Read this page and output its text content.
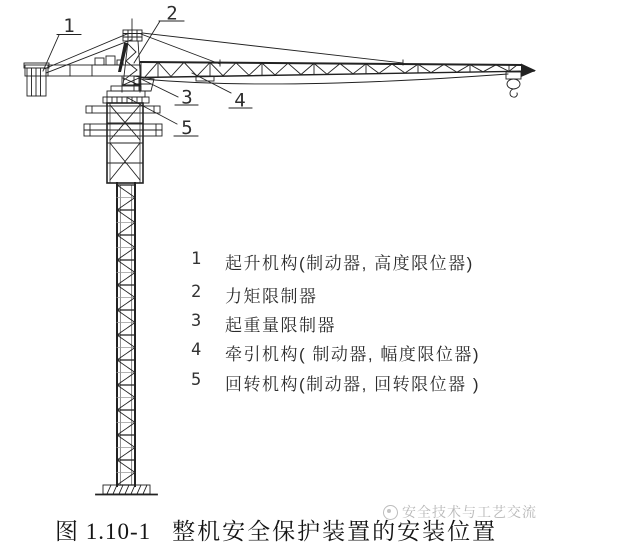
1
2
3 4
5
1	起升机构(制动器, 高度限位器)
2	力矩限制器
3	起重量限制器
4	牵引机构( 制动器, 幅度限位器)
5	回转机构(制动器, 回转限位器 )
安全技术与工艺交流
图 1.10-1 整机安全保护装置的安装位置
